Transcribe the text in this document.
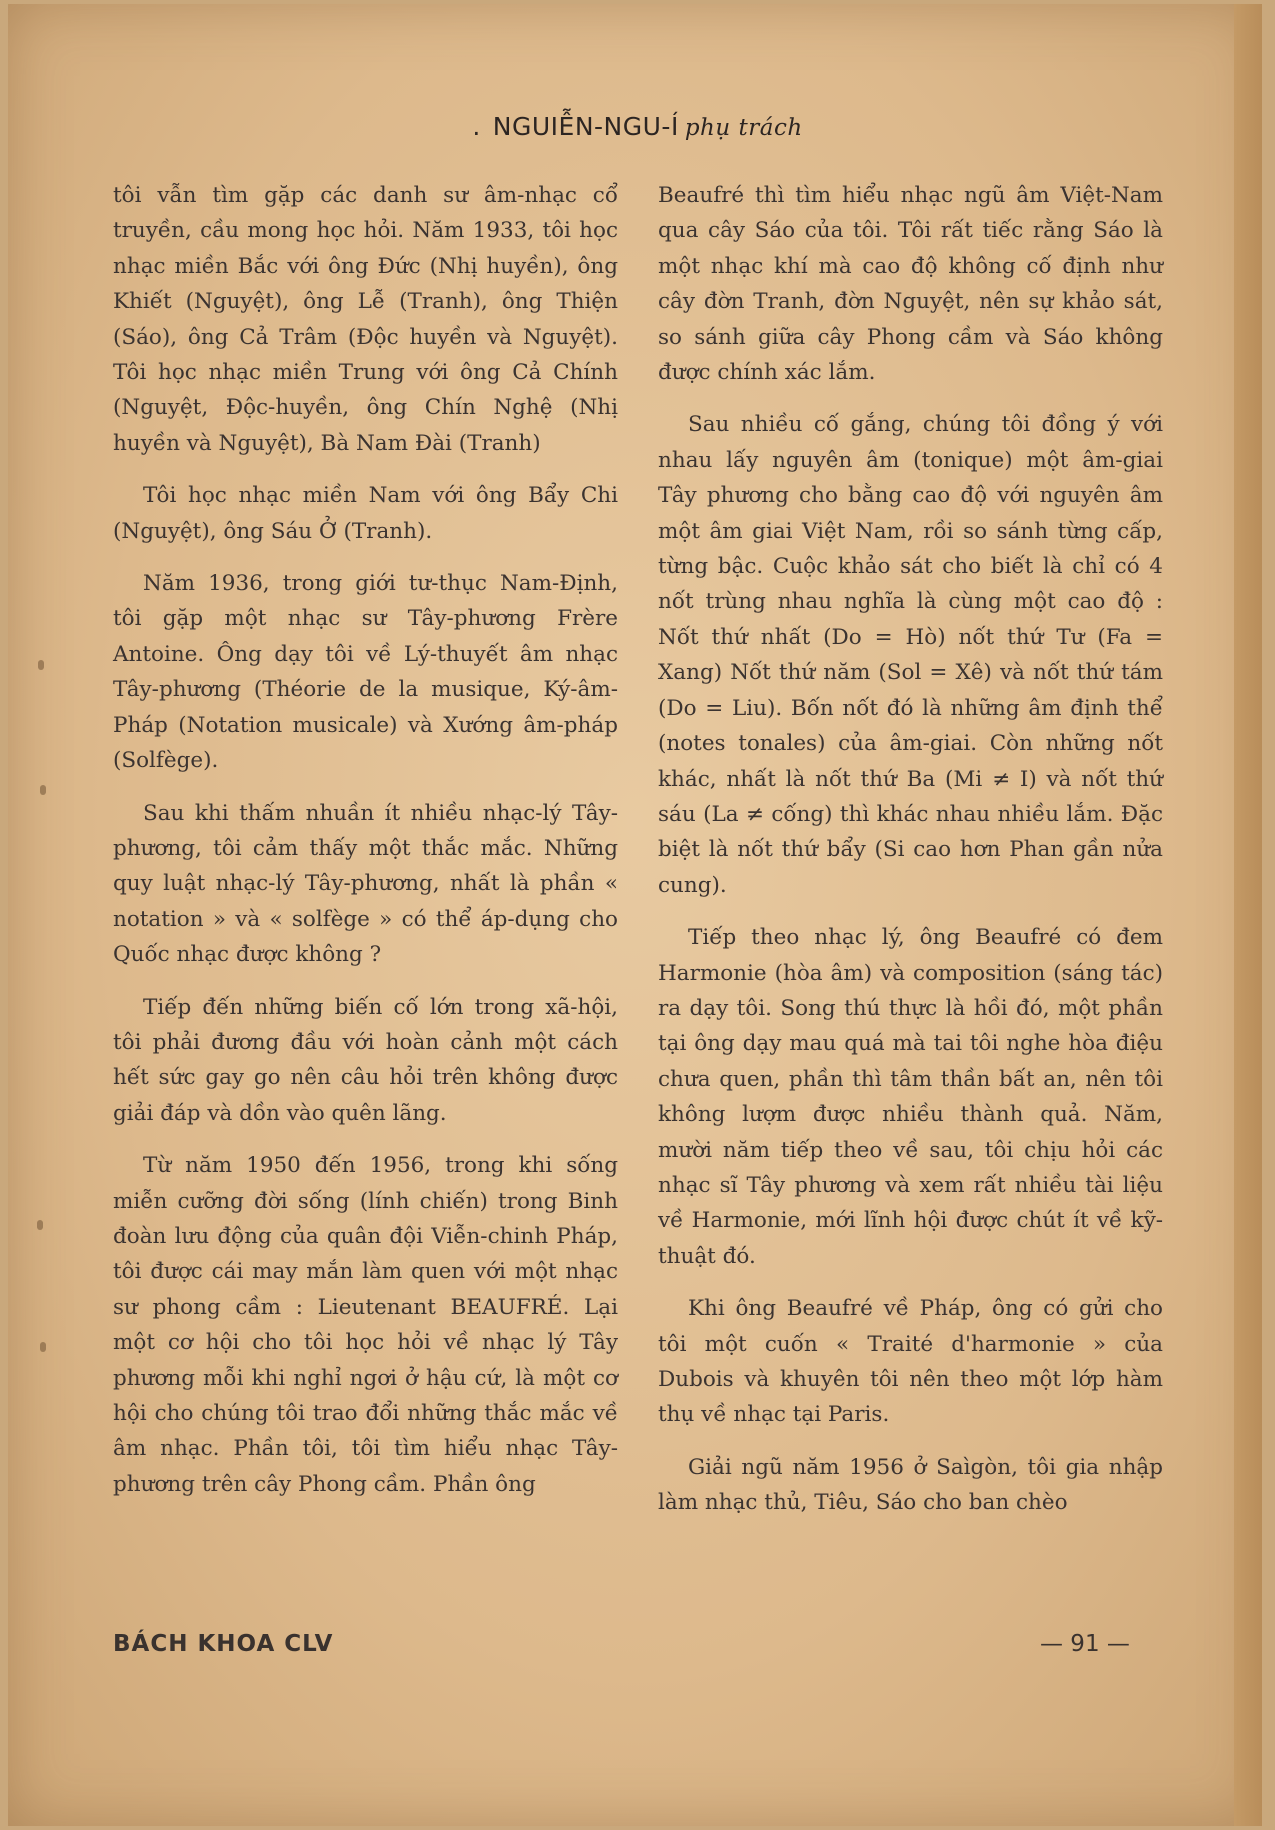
. NGUIỄN-NGU-Í phụ trách

tôi vẫn tìm gặp các danh sư âm-nhạc cổ truyền, cầu mong học hỏi. Năm 1933, tôi học nhạc miền Bắc với ông Đức (Nhị huyền), ông Khiết (Nguyệt), ông Lễ (Tranh), ông Thiện (Sáo), ông Cả Trâm (Độc huyền và Nguyệt). Tôi học nhạc miền Trung với ông Cả Chính (Nguyệt, Độc-huyền, ông Chín Nghệ (Nhị huyền và Nguyệt), Bà Nam Đài (Tranh)

Tôi học nhạc miền Nam với ông Bẩy Chi (Nguyệt), ông Sáu Ở (Tranh).

Năm 1936, trong giới tư-thục Nam-Định, tôi gặp một nhạc sư Tây-phương Frère Antoine. Ông dạy tôi về Lý-thuyết âm nhạc Tây-phương (Théorie de la musique, Ký-âm-Pháp (Notation musicale) và Xướng âm-pháp (Solfège).

Sau khi thấm nhuần ít nhiều nhạc-lý Tây-phương, tôi cảm thấy một thắc mắc. Những quy luật nhạc-lý Tây-phương, nhất là phần « notation » và « solfège » có thể áp-dụng cho Quốc nhạc được không ?

Tiếp đến những biến cố lớn trong xã-hội, tôi phải đương đầu với hoàn cảnh một cách hết sức gay go nên câu hỏi trên không được giải đáp và dồn vào quên lãng.

Từ năm 1950 đến 1956, trong khi sống miễn cưỡng đời sống (lính chiến) trong Binh đoàn lưu động của quân đội Viễn-chinh Pháp, tôi được cái may mắn làm quen với một nhạc sư phong cầm : Lieutenant BEAUFRÉ. Lại một cơ hội cho tôi học hỏi về nhạc lý Tây phương mỗi khi nghỉ ngơi ở hậu cứ, là một cơ hội cho chúng tôi trao đổi những thắc mắc về âm nhạc. Phần tôi, tôi tìm hiểu nhạc Tây-phương trên cây Phong cầm. Phần ông

Beaufré thì tìm hiểu nhạc ngũ âm Việt-Nam qua cây Sáo của tôi. Tôi rất tiếc rằng Sáo là một nhạc khí mà cao độ không cố định như cây đờn Tranh, đờn Nguyệt, nên sự khảo sát, so sánh giữa cây Phong cầm và Sáo không được chính xác lắm.

Sau nhiều cố gắng, chúng tôi đồng ý với nhau lấy nguyên âm (tonique) một âm-giai Tây phương cho bằng cao độ với nguyên âm một âm giai Việt Nam, rồi so sánh từng cấp, từng bậc. Cuộc khảo sát cho biết là chỉ có 4 nốt trùng nhau nghĩa là cùng một cao độ : Nốt thứ nhất (Do = Hò) nốt thứ Tư (Fa = Xang) Nốt thứ năm (Sol = Xê) và nốt thứ tám (Do = Liu). Bốn nốt đó là những âm định thể (notes tonales) của âm-giai. Còn những nốt khác, nhất là nốt thứ Ba (Mi ≠ I) và nốt thứ sáu (La ≠ cống) thì khác nhau nhiều lắm. Đặc biệt là nốt thứ bẩy (Si cao hơn Phan gần nửa cung).

Tiếp theo nhạc lý, ông Beaufré có đem Harmonie (hòa âm) và composition (sáng tác) ra dạy tôi. Song thú thực là hồi đó, một phần tại ông dạy mau quá mà tai tôi nghe hòa điệu chưa quen, phần thì tâm thần bất an, nên tôi không lượm được nhiều thành quả. Năm, mười năm tiếp theo về sau, tôi chịu hỏi các nhạc sĩ Tây phương và xem rất nhiều tài liệu về Harmonie, mới lĩnh hội được chút ít về kỹ-thuật đó.

Khi ông Beaufré về Pháp, ông có gửi cho tôi một cuốn « Traité d'harmonie » của Dubois và khuyên tôi nên theo một lớp hàm thụ về nhạc tại Paris.

Giải ngũ năm 1956 ở Saìgòn, tôi gia nhập làm nhạc thủ, Tiêu, Sáo cho ban chèo

BÁCH KHOA CLV	— 91 —
